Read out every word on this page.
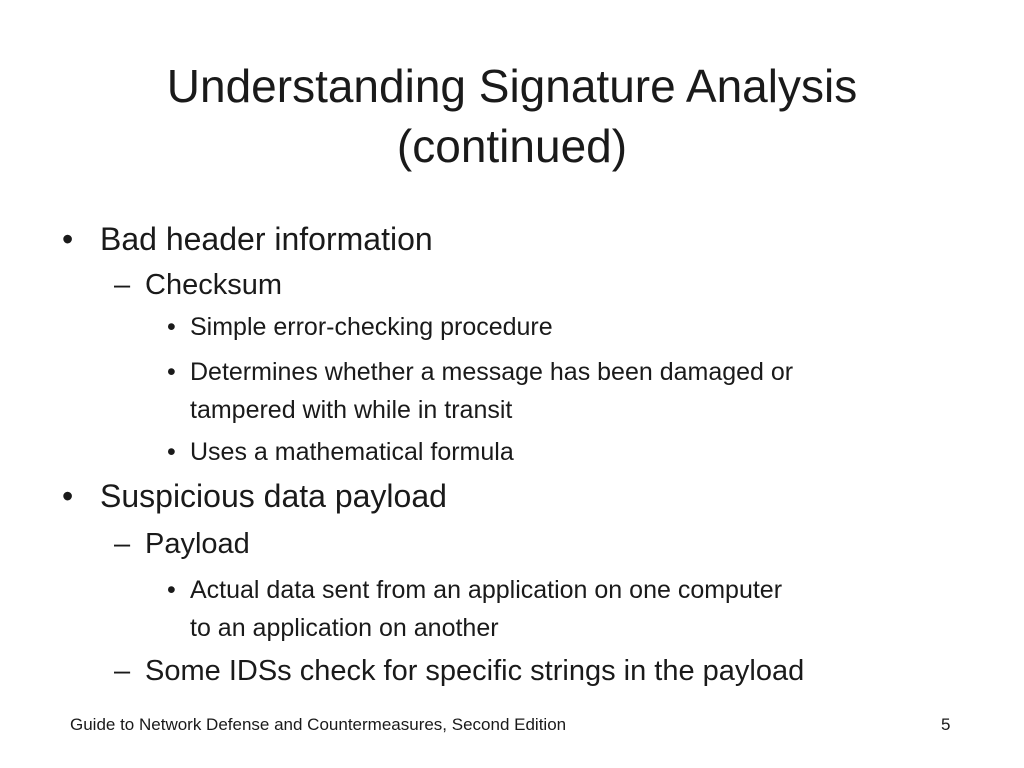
Understanding Signature Analysis
(continued)
• Bad header information
– Checksum
• Simple error-checking procedure
• Determines whether a message has been damaged or
tampered with while in transit
• Uses a mathematical formula
• Suspicious data payload
– Payload
• Actual data sent from an application on one computer
to an application on another
– Some IDSs check for specific strings in the payload
Guide to Network Defense and Countermeasures, Second Edition	5
